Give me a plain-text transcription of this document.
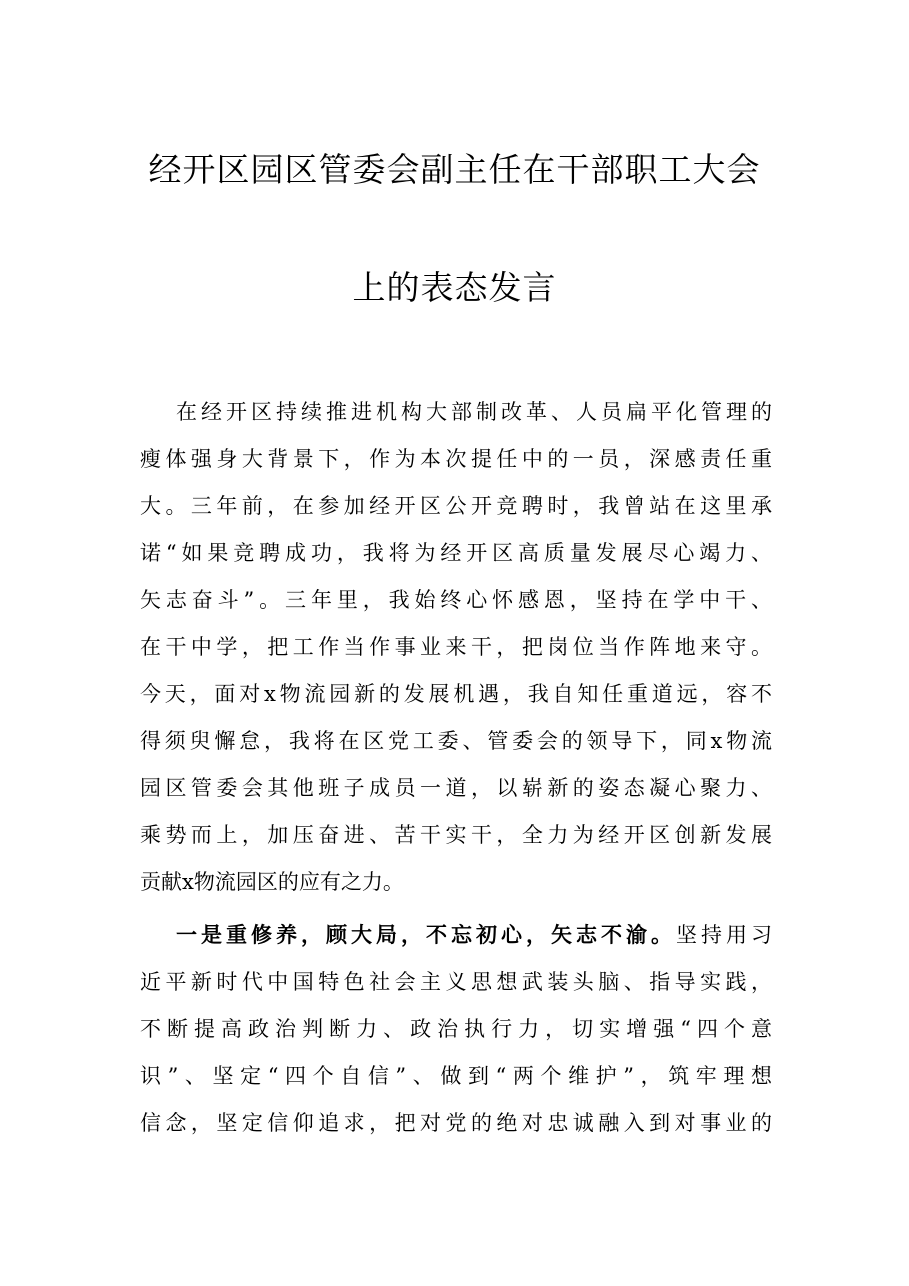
经开区园区管委会副主任在干部职工大会
上的表态发言
在经开区持续推进机构大部制改革、人员扁平化管理的
瘦体强身大背景下，作为本次提任中的一员，深感责任重
大。三年前，在参加经开区公开竞聘时，我曾站在这里承
诺“如果竞聘成功，我将为经开区高质量发展尽心竭力、
矢志奋斗”。三年里，我始终心怀感恩，坚持在学中干、
在干中学，把工作当作事业来干，把岗位当作阵地来守。
今天，面对x物流园新的发展机遇，我自知任重道远，容不
得须臾懈怠，我将在区党工委、管委会的领导下，同x物流
园区管委会其他班子成员一道，以崭新的姿态凝心聚力、
乘势而上，加压奋进、苦干实干，全力为经开区创新发展
贡献x物流园区的应有之力。
一是重修养，顾大局，不忘初心，矢志不渝。坚持用习
近平新时代中国特色社会主义思想武装头脑、指导实践，
不断提高政治判断力、政治执行力，切实增强“四个意
识”、坚定“四个自信”、做到“两个维护”，筑牢理想
信念，坚定信仰追求，把对党的绝对忠诚融入到对事业的
